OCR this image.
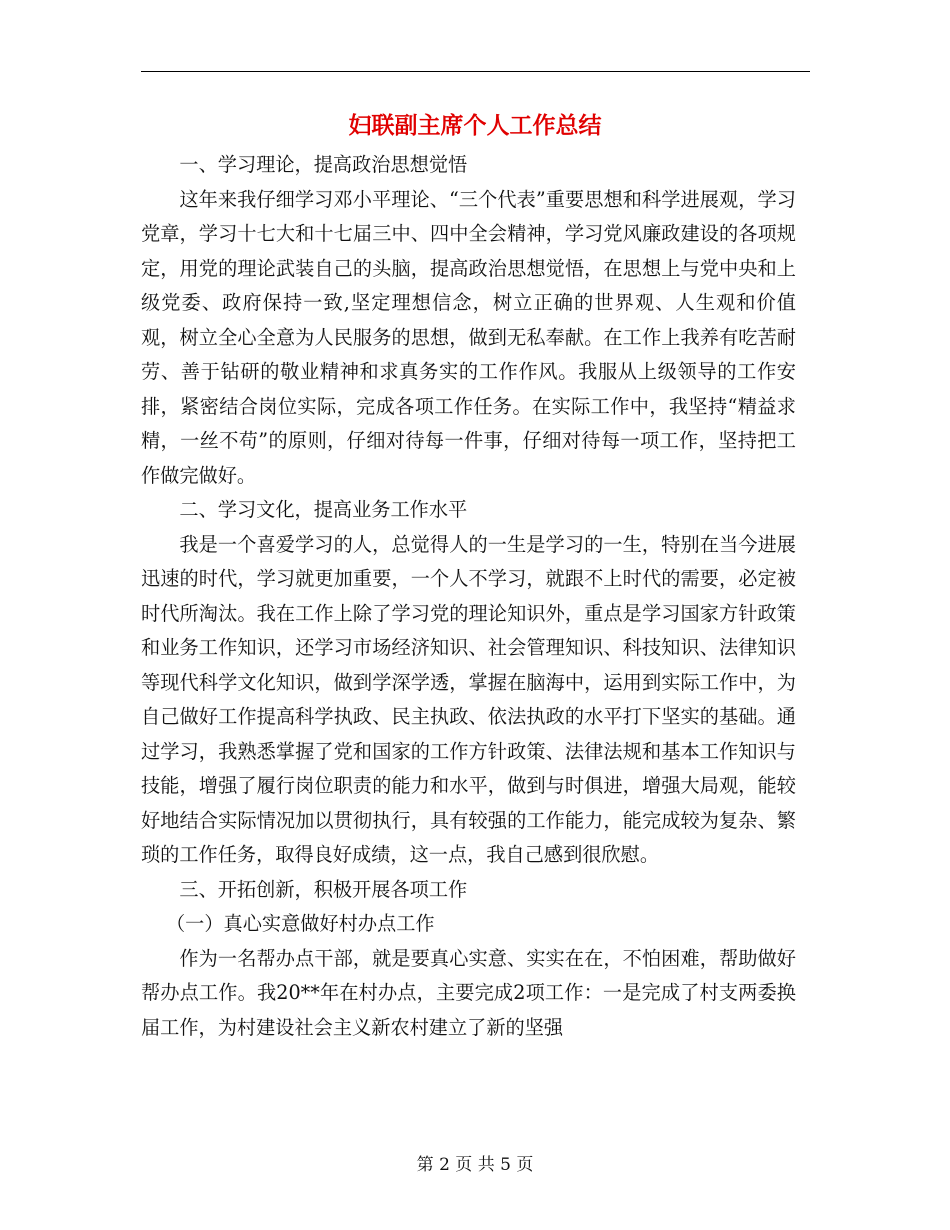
妇联副主席个人工作总结

一、学习理论，提高政治思想觉悟

这年来我仔细学习邓小平理论、“三个代表”重要思想和科学进展观，学习党章，学习十七大和十七届三中、四中全会精神，学习党风廉政建设的各项规定，用党的理论武装自己的头脑，提高政治思想觉悟，在思想上与党中央和上级党委、政府保持一致,坚定理想信念，树立正确的世界观、人生观和价值观，树立全心全意为人民服务的思想，做到无私奉献。在工作上我养有吃苦耐劳、善于钻研的敬业精神和求真务实的工作作风。我服从上级领导的工作安排，紧密结合岗位实际，完成各项工作任务。在实际工作中，我坚持“精益求精，一丝不苟”的原则，仔细对待每一件事，仔细对待每一项工作，坚持把工作做完做好。

二、学习文化，提高业务工作水平

我是一个喜爱学习的人，总觉得人的一生是学习的一生，特别在当今进展迅速的时代，学习就更加重要，一个人不学习，就跟不上时代的需要，必定被时代所淘汰。我在工作上除了学习党的理论知识外，重点是学习国家方针政策和业务工作知识，还学习市场经济知识、社会管理知识、科技知识、法律知识等现代科学文化知识，做到学深学透，掌握在脑海中，运用到实际工作中，为自己做好工作提高科学执政、民主执政、依法执政的水平打下坚实的基础。通过学习，我熟悉掌握了党和国家的工作方针政策、法律法规和基本工作知识与技能，增强了履行岗位职责的能力和水平，做到与时俱进，增强大局观，能较好地结合实际情况加以贯彻执行，具有较强的工作能力，能完成较为复杂、繁琐的工作任务，取得良好成绩，这一点，我自己感到很欣慰。

三、开拓创新，积极开展各项工作

（一）真心实意做好村办点工作

作为一名帮办点干部，就是要真心实意、实实在在，不怕困难，帮助做好帮办点工作。我20**年在村办点，主要完成2项工作：一是完成了村支两委换届工作，为村建设社会主义新农村建立了新的坚强

第 2 页 共 5 页
